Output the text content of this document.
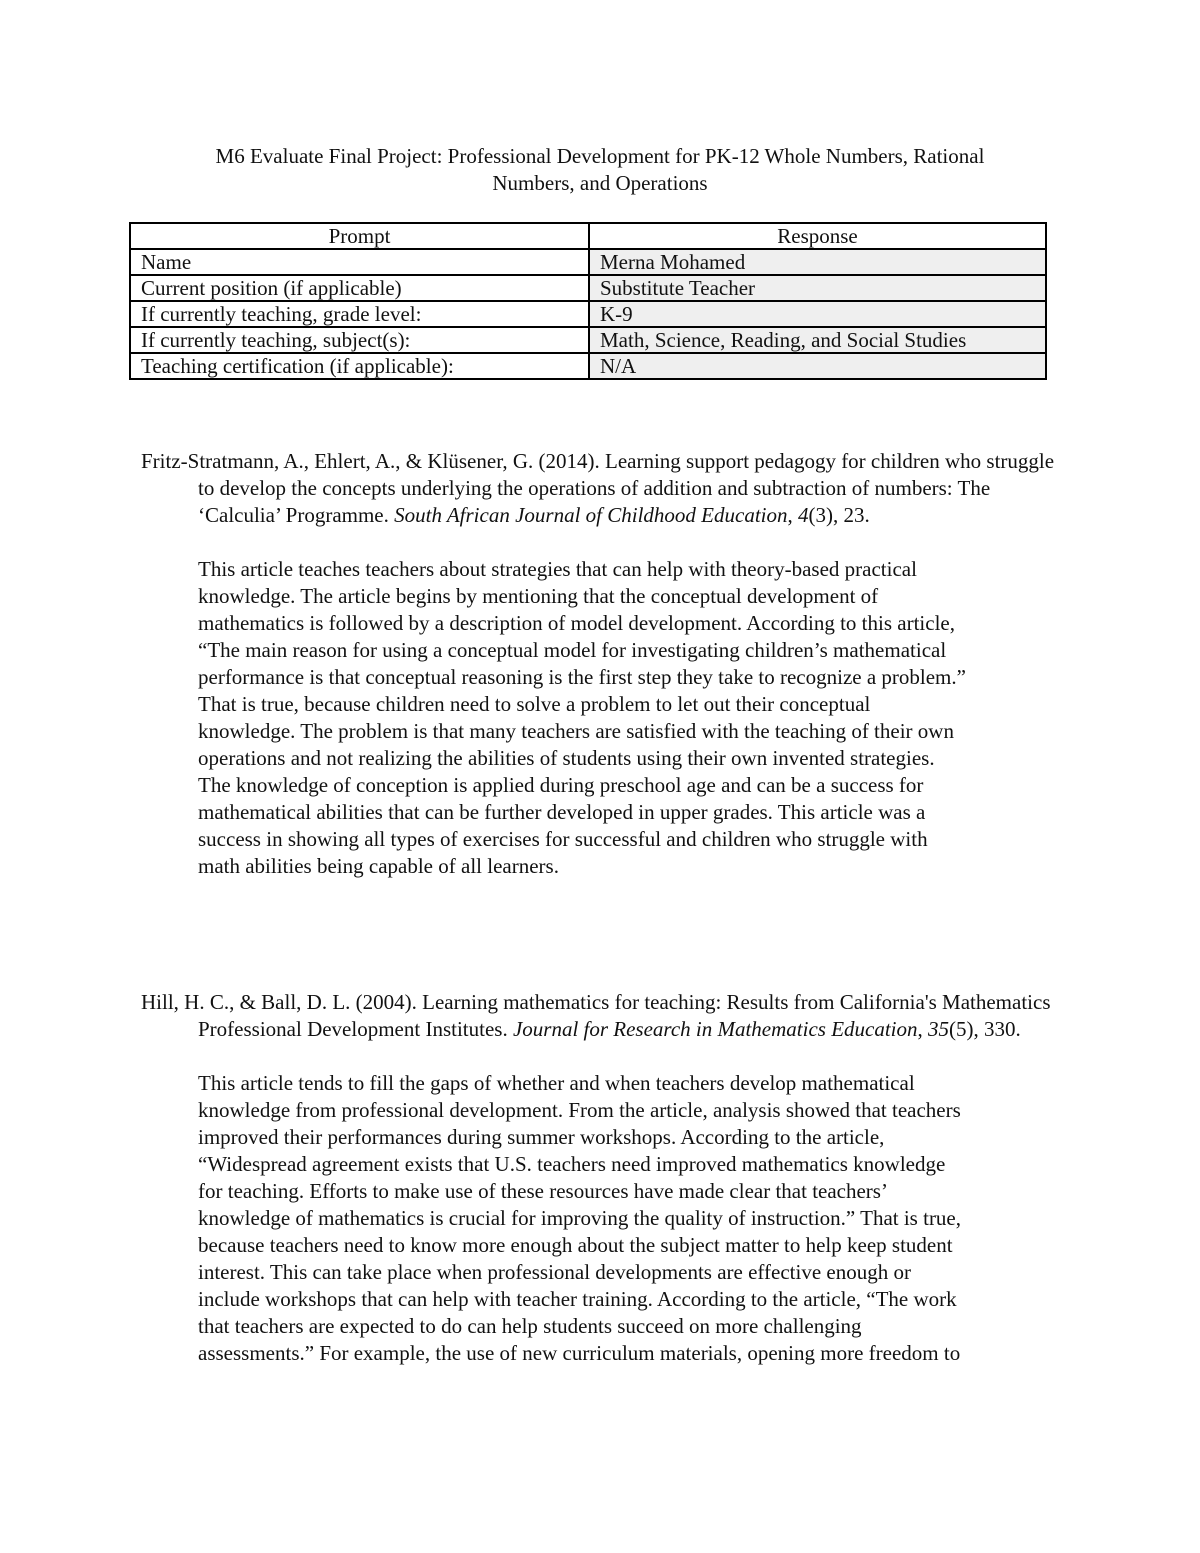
M6 Evaluate Final Project: Professional Development for PK-12 Whole Numbers, Rational
Numbers, and Operations
Prompt	Response
Name	Merna Mohamed
Current position (if applicable)	Substitute Teacher
If currently teaching, grade level:	K-9
If currently teaching, subject(s):	Math, Science, Reading, and Social Studies
Teaching certification (if applicable):	N/A

Fritz-Stratmann, A., Ehlert, A., & Klüsener, G. (2014). Learning support pedagogy for children who struggle to develop the concepts underlying the operations of addition and subtraction of numbers: The ‘Calculia’ Programme. South African Journal of Childhood Education, 4(3), 23.

This article teaches teachers about strategies that can help with theory-based practical
knowledge. The article begins by mentioning that the conceptual development of
mathematics is followed by a description of model development. According to this article,
“The main reason for using a conceptual model for investigating children’s mathematical
performance is that conceptual reasoning is the first step they take to recognize a problem.”
That is true, because children need to solve a problem to let out their conceptual
knowledge. The problem is that many teachers are satisfied with the teaching of their own
operations and not realizing the abilities of students using their own invented strategies.
The knowledge of conception is applied during preschool age and can be a success for
mathematical abilities that can be further developed in upper grades. This article was a
success in showing all types of exercises for successful and children who struggle with
math abilities being capable of all learners.

Hill, H. C., & Ball, D. L. (2004). Learning mathematics for teaching: Results from California's Mathematics Professional Development Institutes. Journal for Research in Mathematics Education, 35(5), 330.

This article tends to fill the gaps of whether and when teachers develop mathematical
knowledge from professional development. From the article, analysis showed that teachers
improved their performances during summer workshops. According to the article,
“Widespread agreement exists that U.S. teachers need improved mathematics knowledge
for teaching. Efforts to make use of these resources have made clear that teachers’
knowledge of mathematics is crucial for improving the quality of instruction.” That is true,
because teachers need to know more enough about the subject matter to help keep student
interest. This can take place when professional developments are effective enough or
include workshops that can help with teacher training. According to the article, “The work
that teachers are expected to do can help students succeed on more challenging
assessments.” For example, the use of new curriculum materials, opening more freedom to
